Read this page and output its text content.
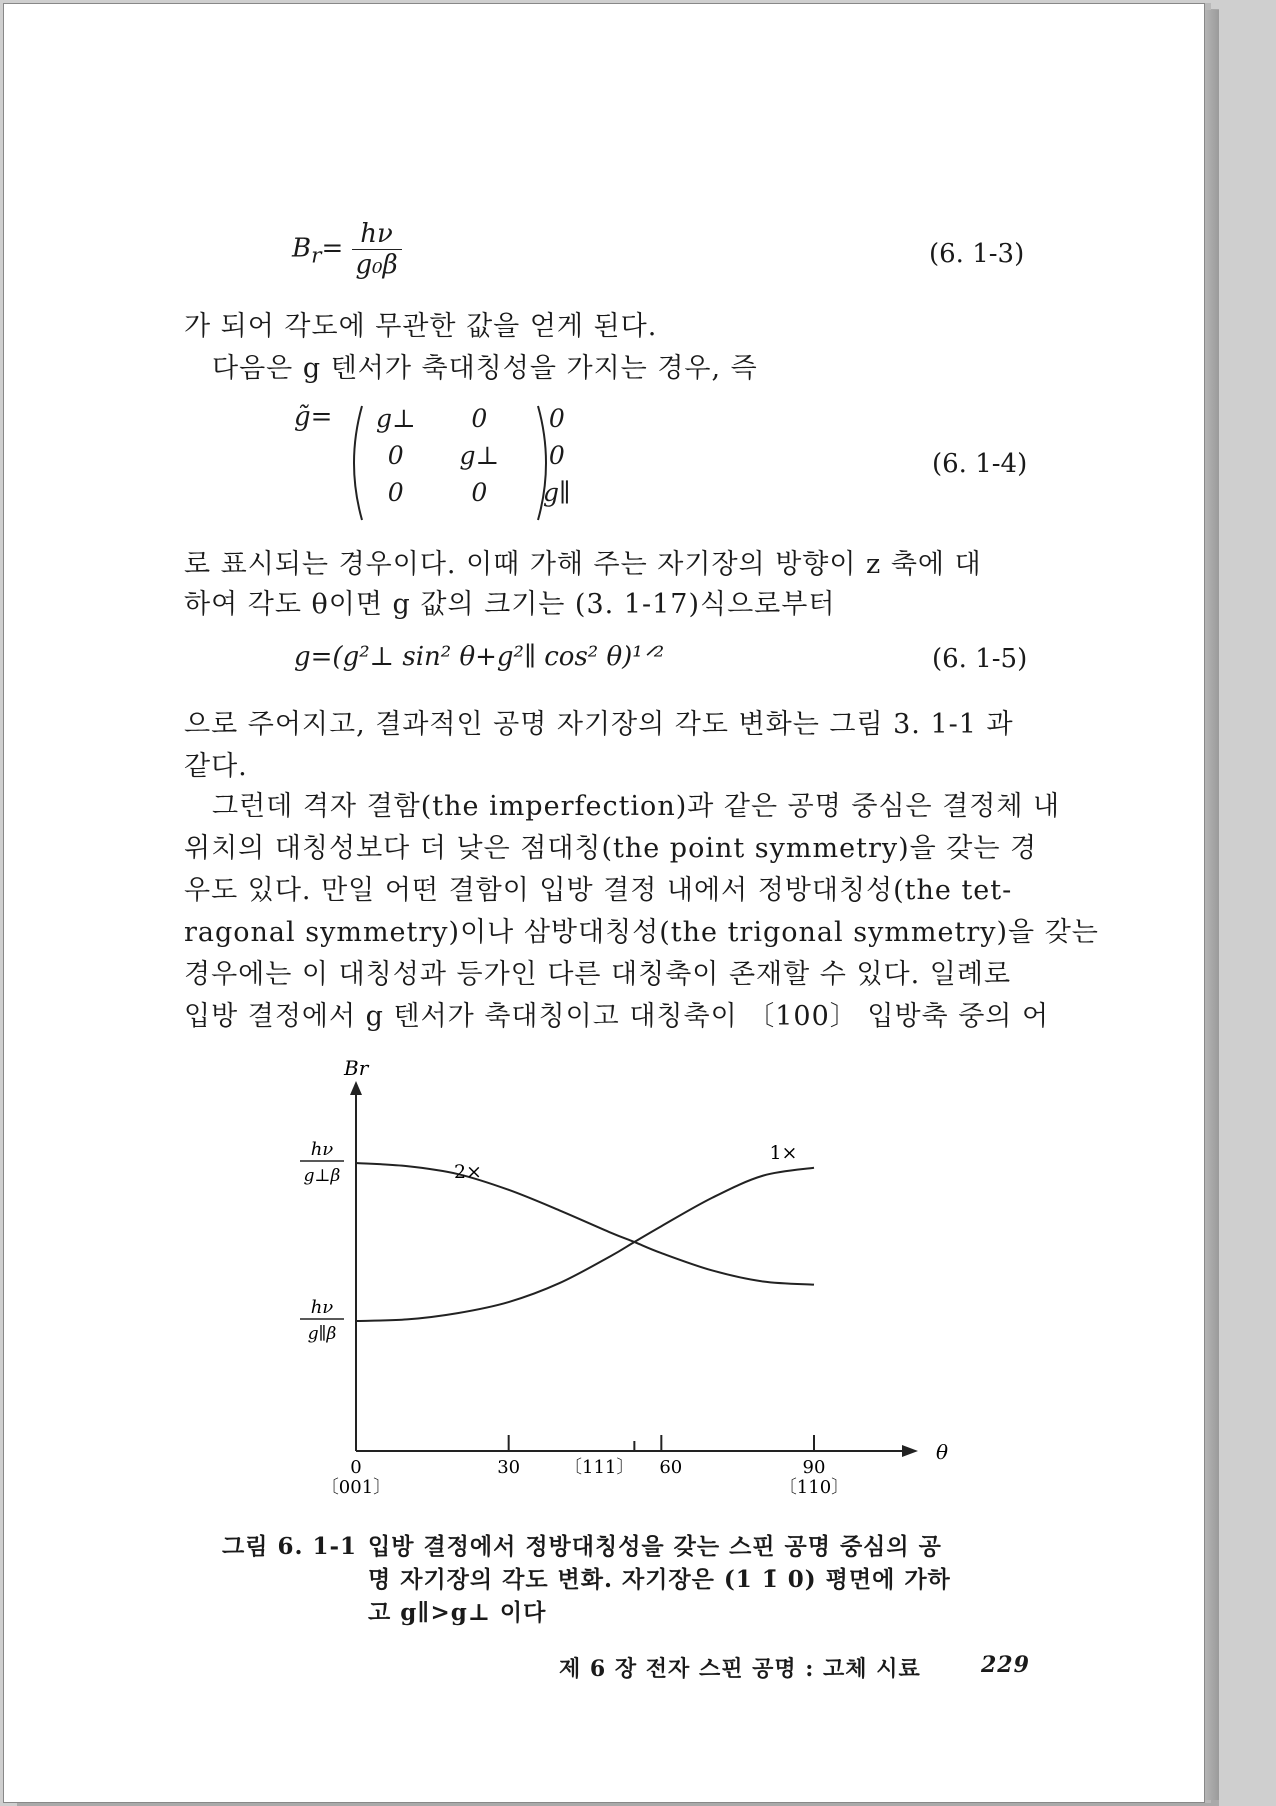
$B_r= \frac{h\nu}{\text{g₀β}}$	(6. 1-3)
가 되어 각도에 무관한 값을 얻게 된다.
다음은 g 텐서가 축대칭성을 가지는 경우, 즉
g̃= g⊥	0	0
0	g⊥	0
0	0	g∥
(6. 1-4)
로 표시되는 경우이다. 이때 가해 주는 자기장의 방향이 z 축에 대
하여 각도 θ이면 g 값의 크기는 (3. 1-17)식으로부터
g=(g²⊥ sin² θ+g²∥ cos² θ)¹ᐟ²	(6. 1-5)
으로 주어지고, 결과적인 공명 자기장의 각도 변화는 그림 3. 1-1 과
같다.
그런데 격자 결함(the imperfection)과 같은 공명 중심은 결정체 내
위치의 대칭성보다 더 낮은 점대칭(the point symmetry)을 갖는 경
우도 있다. 만일 어떤 결함이 입방 결정 내에서 정방대칭성(the tet-
ragonal symmetry)이나 삼방대칭성(the trigonal symmetry)을 갖는
경우에는 이 대칭성과 등가인 다른 대칭축이 존재할 수 있다. 일례로
입방 결정에서 g 텐서가 축대칭이고 대칭축이 〔100〕 입방축 중의 어
Br
θ
0	30	60	90
〔111〕
〔001〕	〔110〕
hν
g⊥β
hν
g∥β
2×
1×
그림 6. 1-1 입방 결정에서 정방대칭성을 갖는 스핀 공명 중심의 공
명 자기장의 각도 변화. 자기장은 (1 1̄ 0) 평면에 가하
고 g∥>g⊥ 이다
제 6 장 전자 스핀 공명 : 고체 시료	229
